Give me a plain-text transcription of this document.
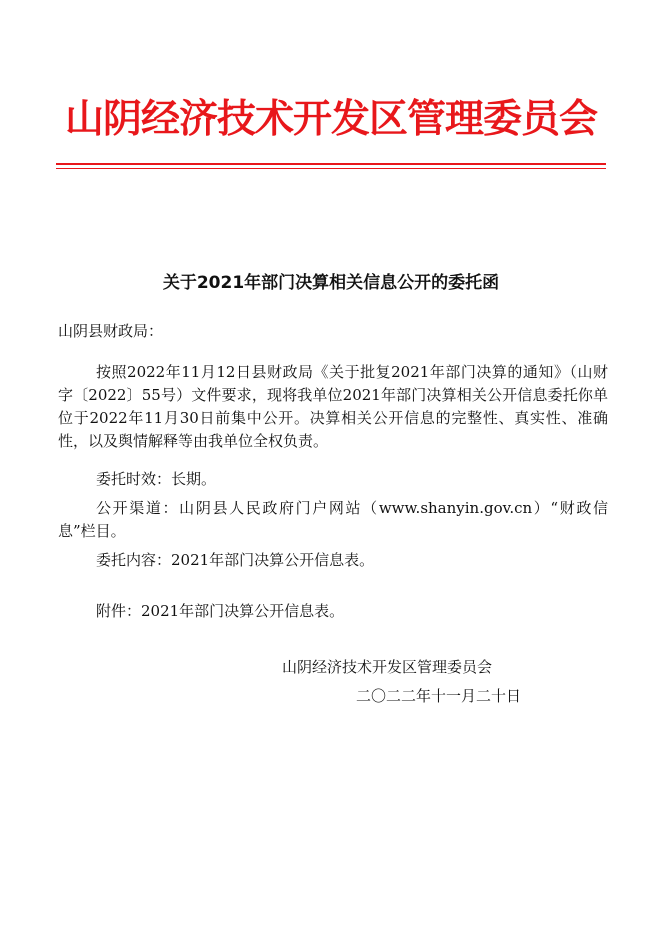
山阴经济技术开发区管理委员会
关于2021年部门决算相关信息公开的委托函

山阴县财政局：

按照2022年11月12日县财政局《关于批复2021年部门决算的通知》（山财字〔2022〕55号）文件要求，现将我单位2021年部门决算相关公开信息委托你单位于2022年11月30日前集中公开。决算相关公开信息的完整性、真实性、准确性，以及舆情解释等由我单位全权负责。

委托时效：长期。

公开渠道：山阴县人民政府门户网站（www.shanyin.gov.cn）“财政信息”栏目。

委托内容：2021年部门决算公开信息表。

附件：2021年部门决算公开信息表。

山阴经济技术开发区管理委员会
二〇二二年十一月二十日
